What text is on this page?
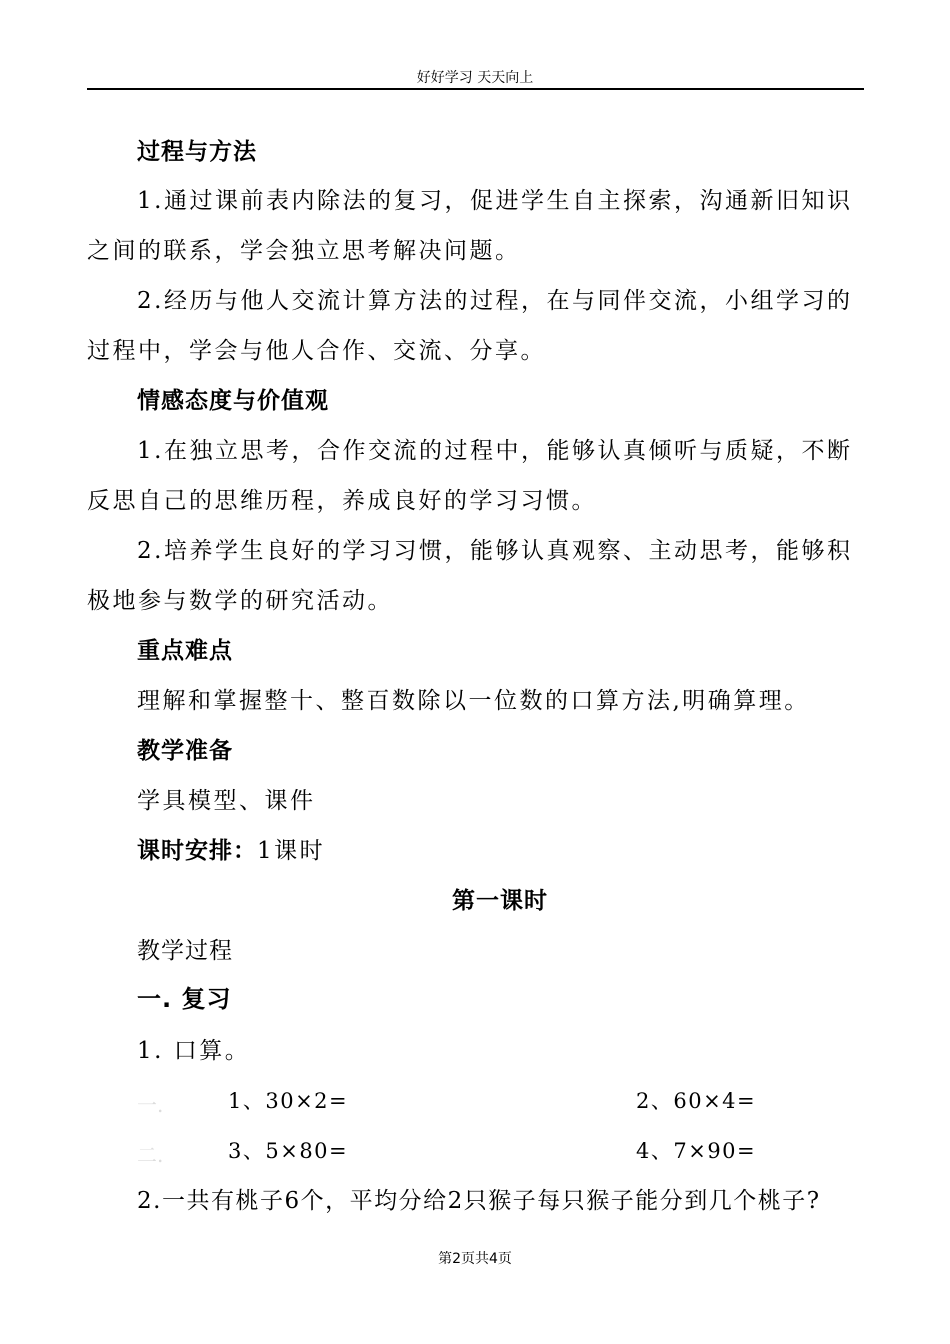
好好学习 天天向上
过程与方法
1.通过课前表内除法的复习，促进学生自主探索，沟通新旧知识
之间的联系，学会独立思考解决问题。
2.经历与他人交流计算方法的过程，在与同伴交流，小组学习的
过程中，学会与他人合作、交流、分享。
情感态度与价值观
1.在独立思考，合作交流的过程中，能够认真倾听与质疑，不断
反思自己的思维历程，养成良好的学习习惯。
2.培养学生良好的学习习惯，能够认真观察、主动思考，能够积
极地参与数学的研究活动。
重点难点
理解和掌握整十、整百数除以一位数的口算方法,明确算理。
教学准备
学具模型、课件
课时安排：1课时
第一课时
教学过程
一. 复习
1. 口算。
一.	1、30×2=	2、60×4=
二.	3、5×80=	4、7×90=
2.一共有桃子6个，平均分给2只猴子每只猴子能分到几个桃子?
第2页共4页
